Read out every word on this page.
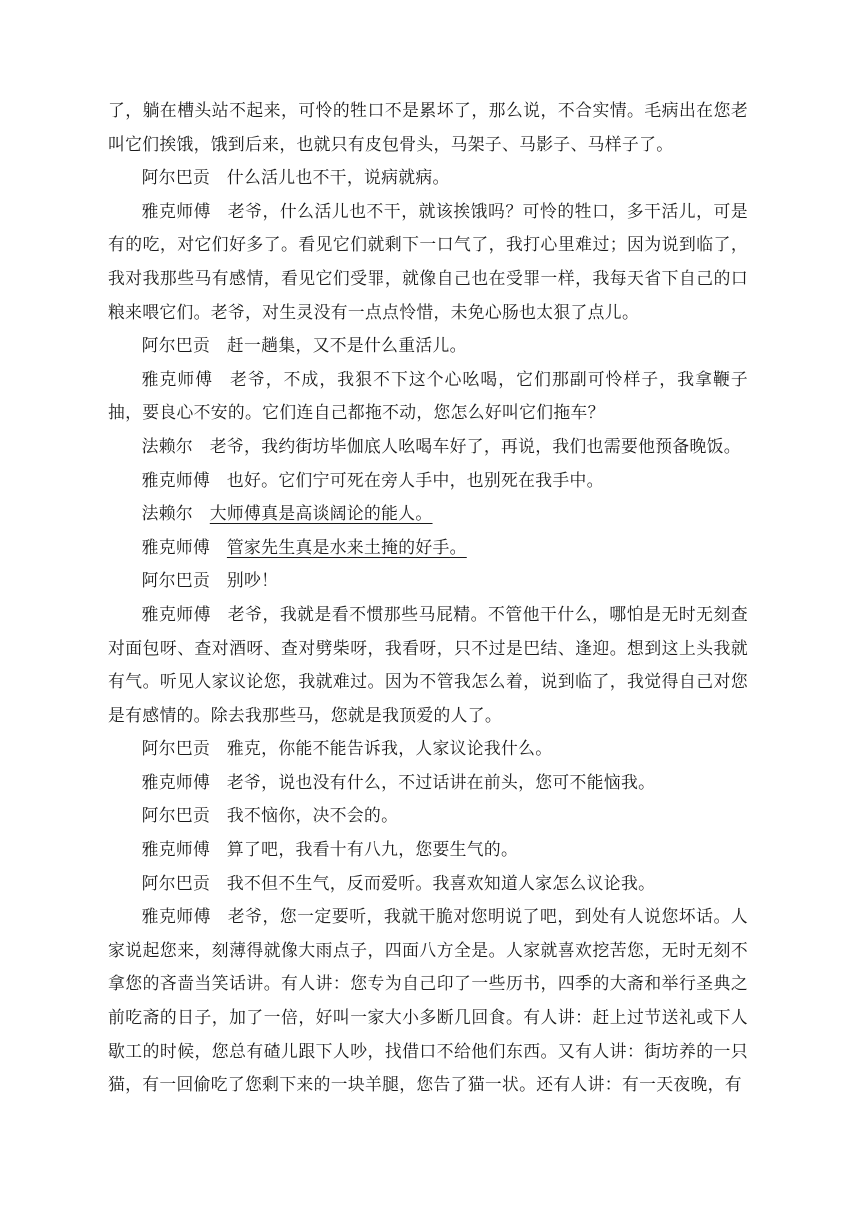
了，躺在槽头站不起来，可怜的牲口不是累坏了，那么说，不合实情。毛病出在您老叫它们挨饿，饿到后来，也就只有皮包骨头，马架子、马影子、马样子了。

阿尔巴贡 什么活儿也不干，说病就病。

雅克师傅 老爷，什么活儿也不干，就该挨饿吗？可怜的牲口，多干活儿，可是有的吃，对它们好多了。看见它们就剩下一口气了，我打心里难过；因为说到临了，我对我那些马有感情，看见它们受罪，就像自己也在受罪一样，我每天省下自己的口粮来喂它们。老爷，对生灵没有一点点怜惜，未免心肠也太狠了点儿。

阿尔巴贡 赶一趟集，又不是什么重活儿。

雅克师傅 老爷，不成，我狠不下这个心吆喝，它们那副可怜样子，我拿鞭子抽，要良心不安的。它们连自己都拖不动，您怎么好叫它们拖车？

法赖尔 老爷，我约街坊毕伽底人吆喝车好了，再说，我们也需要他预备晚饭。

雅克师傅 也好。它们宁可死在旁人手中，也别死在我手中。

法赖尔 大师傅真是高谈阔论的能人。

雅克师傅 管家先生真是水来土掩的好手。

阿尔巴贡 别吵！

雅克师傅 老爷，我就是看不惯那些马屁精。不管他干什么，哪怕是无时无刻查对面包呀、查对酒呀、查对劈柴呀，我看呀，只不过是巴结、逢迎。想到这上头我就有气。听见人家议论您，我就难过。因为不管我怎么着，说到临了，我觉得自己对您是有感情的。除去我那些马，您就是我顶爱的人了。

阿尔巴贡 雅克，你能不能告诉我，人家议论我什么。

雅克师傅 老爷，说也没有什么，不过话讲在前头，您可不能恼我。

阿尔巴贡 我不恼你，决不会的。

雅克师傅 算了吧，我看十有八九，您要生气的。

阿尔巴贡 我不但不生气，反而爱听。我喜欢知道人家怎么议论我。

雅克师傅 老爷，您一定要听，我就干脆对您明说了吧，到处有人说您坏话。人家说起您来，刻薄得就像大雨点子，四面八方全是。人家就喜欢挖苦您，无时无刻不拿您的吝啬当笑话讲。有人讲：您专为自己印了一些历书，四季的大斋和举行圣典之前吃斋的日子，加了一倍，好叫一家大小多断几回食。有人讲：赶上过节送礼或下人歇工的时候，您总有碴儿跟下人吵，找借口不给他们东西。又有人讲：街坊养的一只猫，有一回偷吃了您剩下来的一块羊腿，您告了猫一状。还有人讲：有一天夜晚，有
